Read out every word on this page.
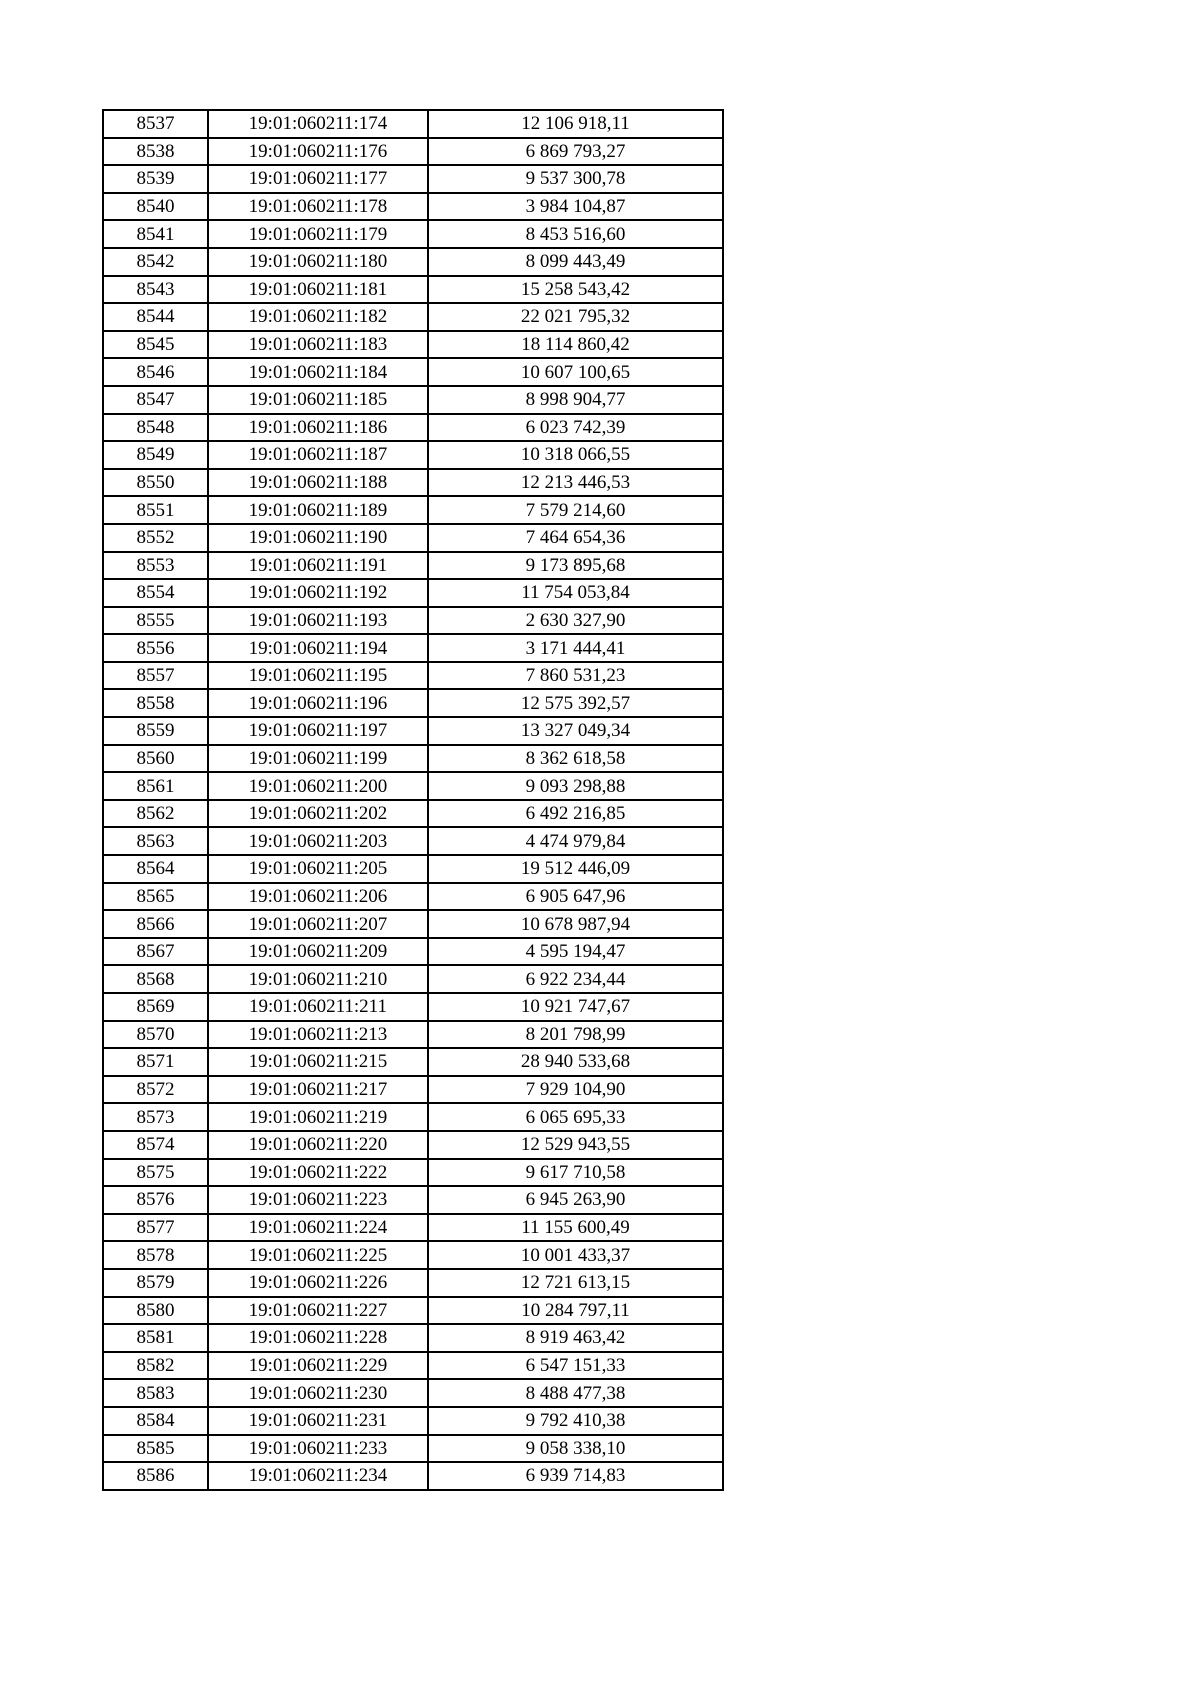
8537	19:01:060211:174	12 106 918,11
8538	19:01:060211:176	6 869 793,27
8539	19:01:060211:177	9 537 300,78
8540	19:01:060211:178	3 984 104,87
8541	19:01:060211:179	8 453 516,60
8542	19:01:060211:180	8 099 443,49
8543	19:01:060211:181	15 258 543,42
8544	19:01:060211:182	22 021 795,32
8545	19:01:060211:183	18 114 860,42
8546	19:01:060211:184	10 607 100,65
8547	19:01:060211:185	8 998 904,77
8548	19:01:060211:186	6 023 742,39
8549	19:01:060211:187	10 318 066,55
8550	19:01:060211:188	12 213 446,53
8551	19:01:060211:189	7 579 214,60
8552	19:01:060211:190	7 464 654,36
8553	19:01:060211:191	9 173 895,68
8554	19:01:060211:192	11 754 053,84
8555	19:01:060211:193	2 630 327,90
8556	19:01:060211:194	3 171 444,41
8557	19:01:060211:195	7 860 531,23
8558	19:01:060211:196	12 575 392,57
8559	19:01:060211:197	13 327 049,34
8560	19:01:060211:199	8 362 618,58
8561	19:01:060211:200	9 093 298,88
8562	19:01:060211:202	6 492 216,85
8563	19:01:060211:203	4 474 979,84
8564	19:01:060211:205	19 512 446,09
8565	19:01:060211:206	6 905 647,96
8566	19:01:060211:207	10 678 987,94
8567	19:01:060211:209	4 595 194,47
8568	19:01:060211:210	6 922 234,44
8569	19:01:060211:211	10 921 747,67
8570	19:01:060211:213	8 201 798,99
8571	19:01:060211:215	28 940 533,68
8572	19:01:060211:217	7 929 104,90
8573	19:01:060211:219	6 065 695,33
8574	19:01:060211:220	12 529 943,55
8575	19:01:060211:222	9 617 710,58
8576	19:01:060211:223	6 945 263,90
8577	19:01:060211:224	11 155 600,49
8578	19:01:060211:225	10 001 433,37
8579	19:01:060211:226	12 721 613,15
8580	19:01:060211:227	10 284 797,11
8581	19:01:060211:228	8 919 463,42
8582	19:01:060211:229	6 547 151,33
8583	19:01:060211:230	8 488 477,38
8584	19:01:060211:231	9 792 410,38
8585	19:01:060211:233	9 058 338,10
8586	19:01:060211:234	6 939 714,83
